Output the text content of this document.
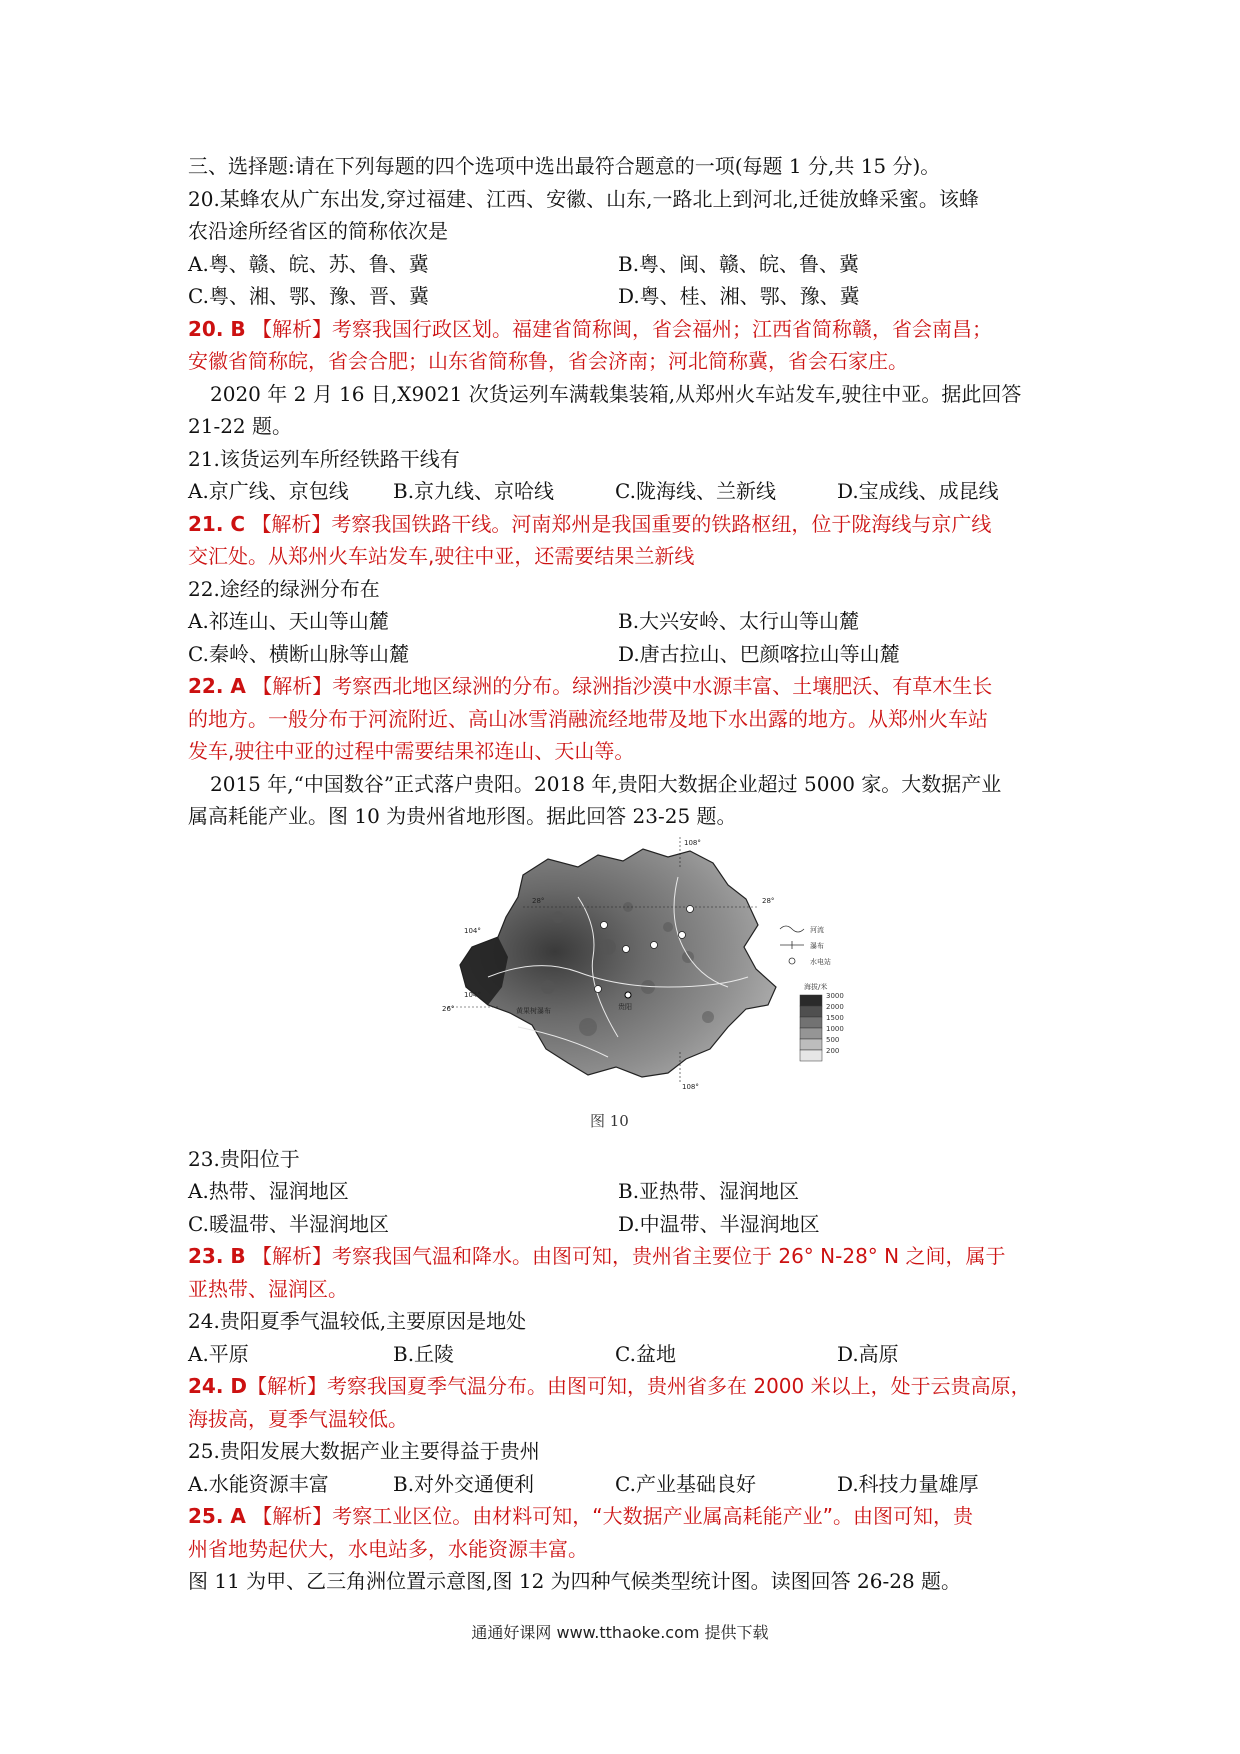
三、选择题:请在下列每题的四个选项中选出最符合题意的一项(每题 1 分,共 15 分)。
20.某蜂农从广东出发,穿过福建、江西、安徽、山东,一路北上到河北,迁徙放蜂采蜜。该蜂
农沿途所经省区的简称依次是
A.粤、赣、皖、苏、鲁、冀	B.粤、闽、赣、皖、鲁、冀
C.粤、湘、鄂、豫、晋、冀	D.粤、桂、湘、鄂、豫、冀
20. B 【解析】考察我国行政区划。福建省简称闽，省会福州；江西省简称赣，省会南昌；
安徽省简称皖，省会合肥；山东省简称鲁，省会济南；河北简称冀，省会石家庄。
2020 年 2 月 16 日,X9021 次货运列车满载集装箱,从郑州火车站发车,驶往中亚。据此回答
21-22 题。
21.该货运列车所经铁路干线有
A.京广线、京包线	B.京九线、京哈线	C.陇海线、兰新线	D.宝成线、成昆线
21. C 【解析】考察我国铁路干线。河南郑州是我国重要的铁路枢纽，位于陇海线与京广线
交汇处。从郑州火车站发车,驶往中亚，还需要结果兰新线
22.途经的绿洲分布在
A.祁连山、天山等山麓	B.大兴安岭、太行山等山麓
C.秦岭、横断山脉等山麓	D.唐古拉山、巴颜喀拉山等山麓
22. A 【解析】考察西北地区绿洲的分布。绿洲指沙漠中水源丰富、土壤肥沃、有草木生长
的地方。一般分布于河流附近、高山冰雪消融流经地带及地下水出露的地方。从郑州火车站
发车,驶往中亚的过程中需要结果祁连山、天山等。
2015 年,“中国数谷”正式落户贵阳。2018 年,贵阳大数据企业超过 5000 家。大数据产业
属高耗能产业。图 10 为贵州省地形图。据此回答 23-25 题。
108°
104°
104°
108°
28°	28°
26°	贵阳
黄果树瀑布
河流
瀑布
水电站
海拔/米
3000
2000
1500
1000
500
200
图 10
23.贵阳位于
A.热带、湿润地区	B.亚热带、湿润地区
C.暖温带、半湿润地区	D.中温带、半湿润地区
23. B 【解析】考察我国气温和降水。由图可知，贵州省主要位于 26° N-28° N 之间，属于
亚热带、湿润区。
24.贵阳夏季气温较低,主要原因是地处
A.平原	B.丘陵	C.盆地	D.高原
24. D【解析】考察我国夏季气温分布。由图可知，贵州省多在 2000 米以上，处于云贵高原，
海拔高，夏季气温较低。
25.贵阳发展大数据产业主要得益于贵州
A.水能资源丰富	B.对外交通便利	C.产业基础良好	D.科技力量雄厚
25. A 【解析】考察工业区位。由材料可知，“大数据产业属高耗能产业”。由图可知，贵
州省地势起伏大，水电站多，水能资源丰富。
图 11 为甲、乙三角洲位置示意图,图 12 为四种气候类型统计图。读图回答 26-28 题。
通通好课网 www.tthaoke.com 提供下载
